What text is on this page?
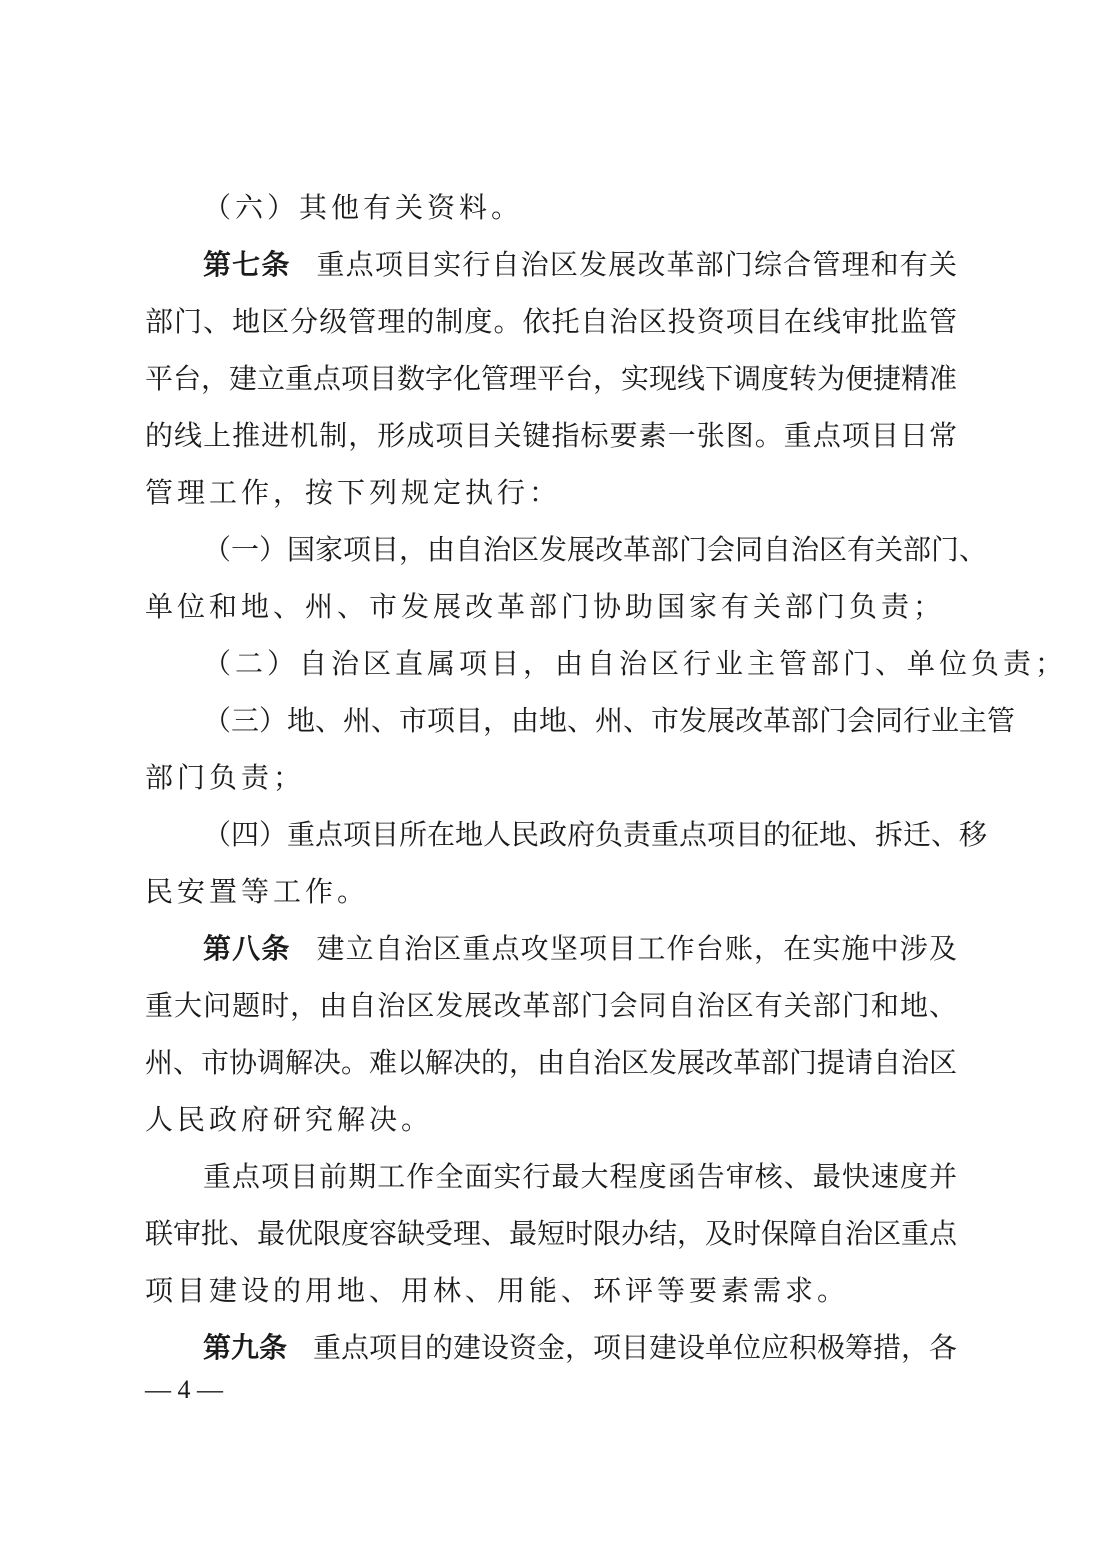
（六）其他有关资料。
第七条 重点项目实行自治区发展改革部门综合管理和有关
部门、地区分级管理的制度。依托自治区投资项目在线审批监管
平台，建立重点项目数字化管理平台，实现线下调度转为便捷精准
的线上推进机制，形成项目关键指标要素一张图。重点项目日常
管理工作，按下列规定执行：
（一）国家项目，由自治区发展改革部门会同自治区有关部门、
单位和地、州、市发展改革部门协助国家有关部门负责；
（二）自治区直属项目，由自治区行业主管部门、单位负责；
（三）地、州、市项目，由地、州、市发展改革部门会同行业主管
部门负责；
（四）重点项目所在地人民政府负责重点项目的征地、拆迁、移
民安置等工作。
第八条 建立自治区重点攻坚项目工作台账，在实施中涉及
重大问题时，由自治区发展改革部门会同自治区有关部门和地、
州、市协调解决。难以解决的，由自治区发展改革部门提请自治区
人民政府研究解决。
重点项目前期工作全面实行最大程度函告审核、最快速度并
联审批、最优限度容缺受理、最短时限办结，及时保障自治区重点
项目建设的用地、用林、用能、环评等要素需求。
第九条 重点项目的建设资金，项目建设单位应积极筹措，各
— 4 —
